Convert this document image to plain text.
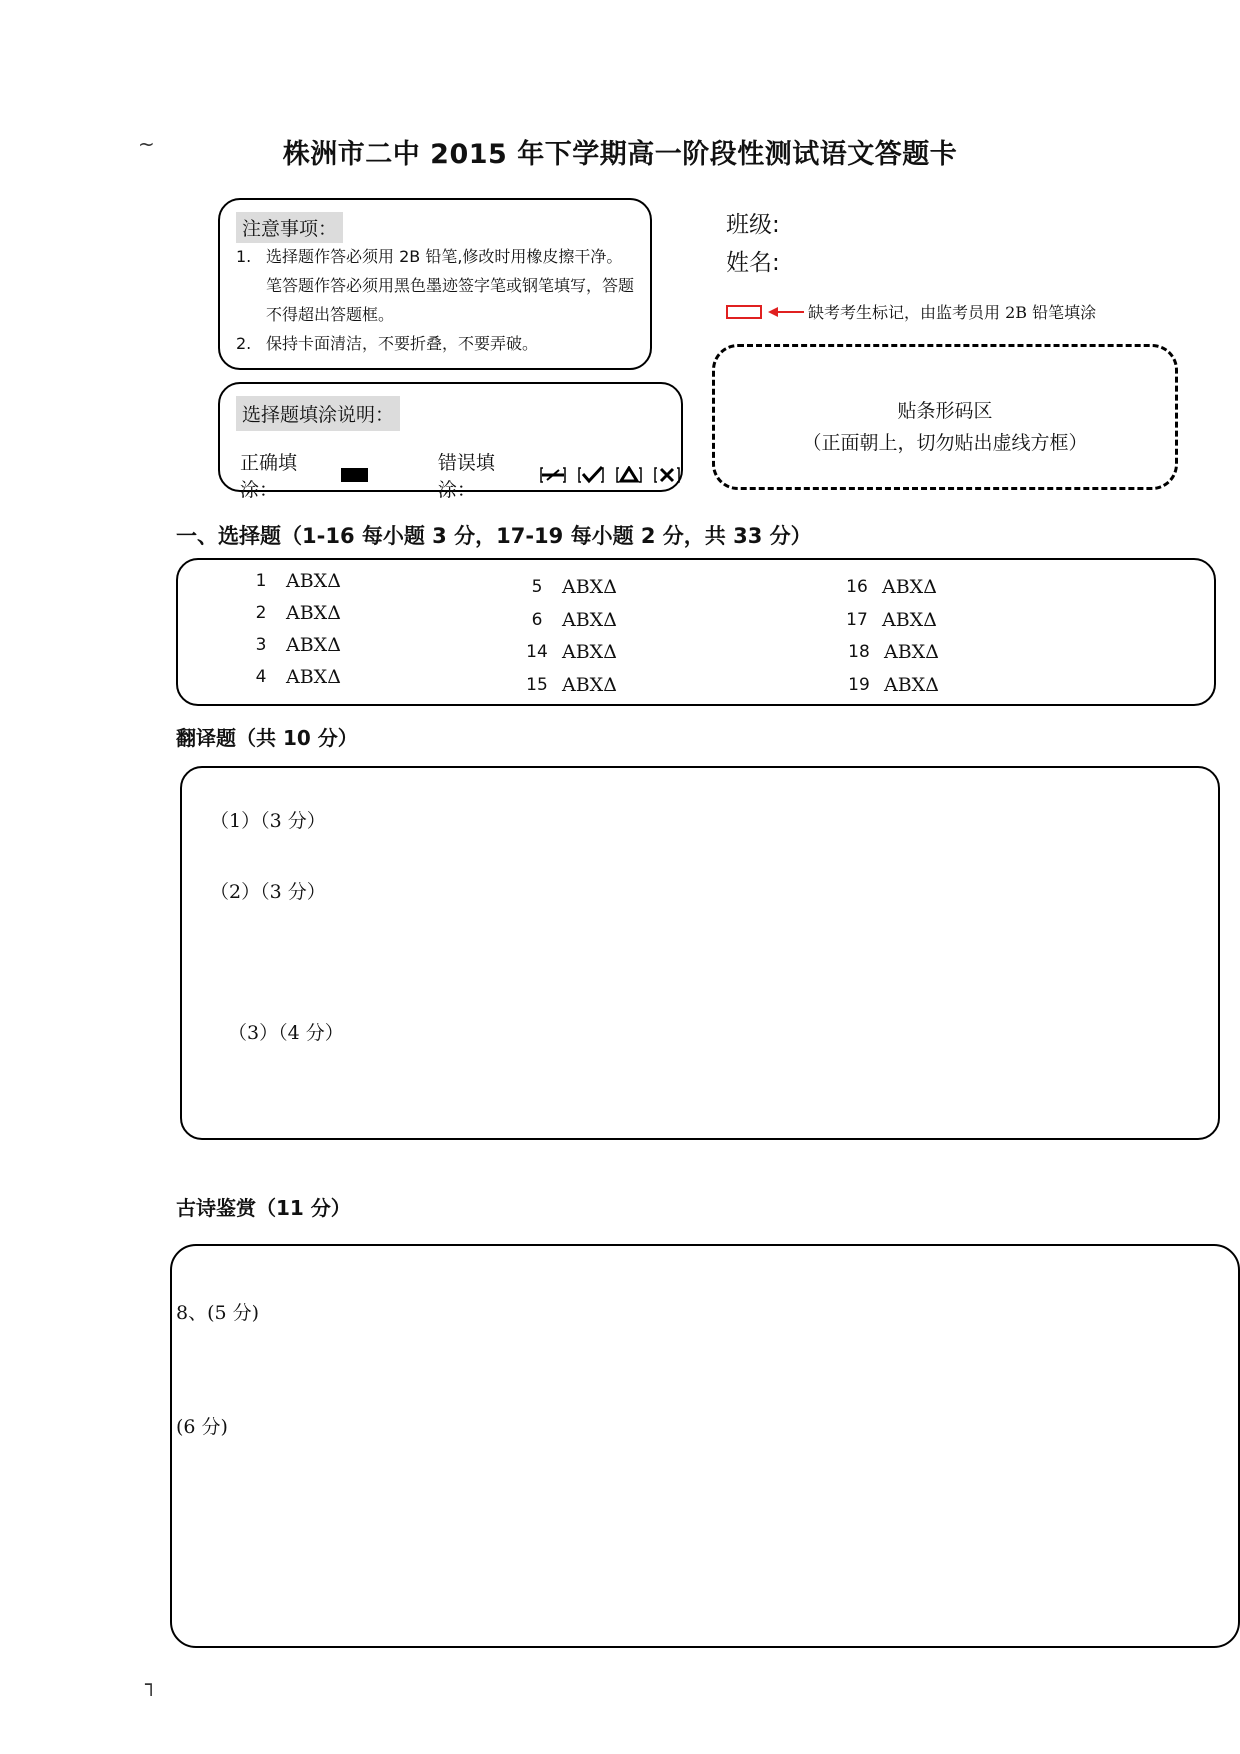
~
┐
株洲市二中 2015 年下学期高一阶段性测试语文答题卡
注意事项：
1. 选择题作答必须用 2B 铅笔,修改时用橡皮擦干净。笔答题作答必须用黑色墨迹签字笔或钢笔填写，答题不得超出答题框。
2. 保持卡面清洁，不要折叠，不要弄破。
选择题填涂说明：
正确填涂：
错误填涂：
班级:
姓名:
缺考考生标记，由监考员用 2B 铅笔填涂
贴条形码区
（正面朝上，切勿贴出虚线方框）
一、选择题（1-16 每小题 3 分，17-19 每小题 2 分，共 33 分）
1	ABXΔ
2	ABXΔ
3	ABXΔ
4	ABXΔ
5	ABXΔ
6	ABXΔ
14 ABXΔ
15 ABXΔ
16 ABXΔ
17 ABXΔ
18 ABXΔ
19 ABXΔ
翻译题（共 10 分）
（1）（3 分）
（2）（3 分）
（3）（4 分）
古诗鉴赏（11 分）
8、(5 分)
(6 分)
